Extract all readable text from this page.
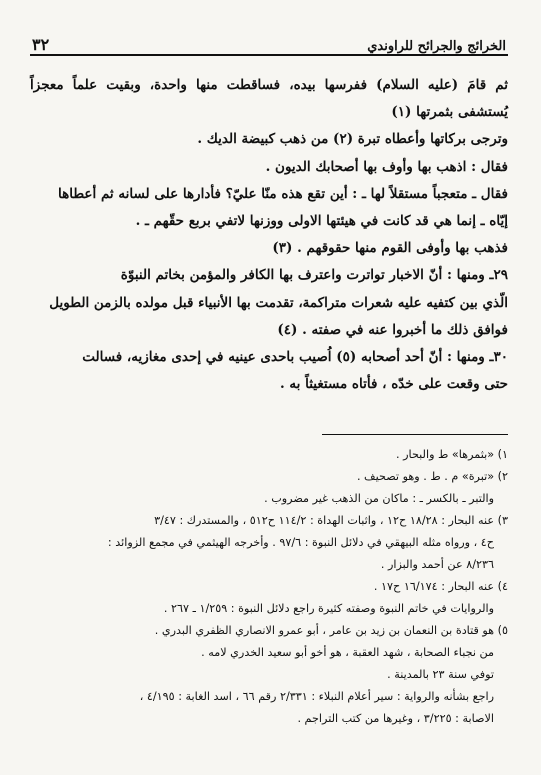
٣٢	الخرائج والجرائح للراوندي

ثم قامَ (عليه السلام) ففرسها بيده، فساقطت منها واحدة، وبقيت علماً معجزاً يُستشفى بثمرتها (١)

وترجى بركاتها وأعطاه تبرة (٢) من ذهب كبيضة الديك .

فقال : اذهب بها وأوف بها أصحابك الديون .

فقال ـ متعجباً مستقلاً لها ـ : أين تقع هذه منّا عليّ؟ فأدارها على لسانه ثم أعطاها

إيّاه ـ إنما هي قد كانت في هيئتها الاولى ووزنها لاتفي بربع حقّهم ـ .

فذهب بها وأوفى القوم منها حقوقهم . (٣)

٢٩ـ ومنها : أنّ الاخبار تواترت واعترف بها الكافر والمؤمن بخاتم النبوّة

الّذي بين كتفيه عليه شعرات متراكمة، تقدمت بها الأنبياء قبل مولده بالزمن الطويل

فوافق ذلك ما أخبروا عنه في صفته . (٤)

٣٠ـ ومنها : أنّ أحد أصحابه (٥) اُصيب باحدى عينيه في إحدى مغازيه، فسالت

حتى وقعت على خدّه ، فأتاه مستغيثاً به .

١) «بثمرها» ط والبحار .

٢) «تبرة» م . ط . وهو تصحيف .

والتبر ـ بالكسر ـ : ماكان من الذهب غير مضروب .

٣) عنه البحار : ١٨/٢٨ ح١٢ ، واثبات الهداة : ١١٤/٢ ح٥١٢ ، والمستدرك : ٣/٤٧

ح٤ ، ورواه مثله البيهقي في دلائل النبوة : ٩٧/٦ . وأخرجه الهيثمي في مجمع الزوائد :

٨/٢٣٦ عن أحمد والبزار .

٤) عنه البحار : ١٦/١٧٤ ح١٧ .

والروايات في خاتم النبوة وصفته كثيرة راجع دلائل النبوة : ١/٢٥٩ ـ ٢٦٧ .

٥) هو قتادة بن النعمان بن زيد بن عامر ، أبو عمرو الانصاري الظفري البدري .

من نجباء الصحابة ، شهد العقبة ، هو أخو أبو سعيد الخدري لامه .

توفي سنة ٢٣ بالمدينة .

راجع بشأنه والرواية : سير أعلام النبلاء : ٢/٣٣١ رقم ٦٦ ، اسد الغابة : ٤/١٩٥ ،

الاصابة : ٣/٢٢٥ ، وغيرها من كتب التراجم .
